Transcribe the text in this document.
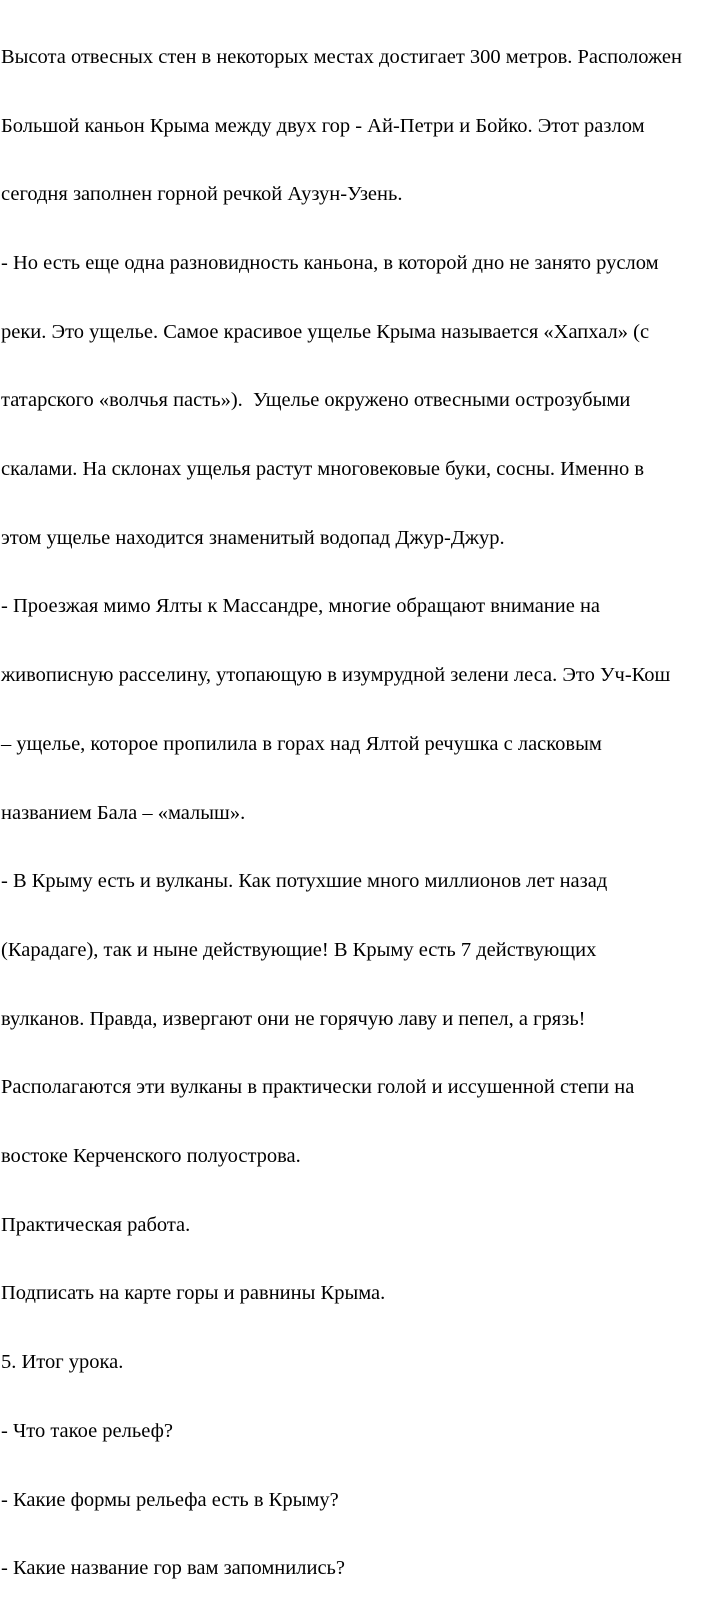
Высота отвесных стен в некоторых местах достигает 300 метров. Расположен

Большой каньон Крыма между двух гор - Ай-Петри и Бойко. Этот разлом

сегодня заполнен горной речкой Аузун-Узень.

- Но есть еще одна разновидность каньона, в которой дно не занято руслом

реки. Это ущелье. Самое красивое ущелье Крыма называется «Хапхал» (с

татарского «волчья пасть»).  Ущелье окружено отвесными острозубыми

скалами. На склонах ущелья растут многовековые буки, сосны. Именно в

этом ущелье находится знаменитый водопад Джур-Джур.

- Проезжая мимо Ялты к Массандре, многие обращают внимание на

живописную расселину, утопающую в изумрудной зелени леса. Это Уч-Кош

– ущелье, которое пропилила в горах над Ялтой речушка с ласковым

названием Бала – «малыш».

- В Крыму есть и вулканы. Как потухшие много миллионов лет назад

(Карадаге), так и ныне действующие! В Крыму есть 7 действующих

вулканов. Правда, извергают они не горячую лаву и пепел, а грязь!

Располагаются эти вулканы в практически голой и иссушенной степи на

востоке Керченского полуострова.

Практическая работа.

Подписать на карте горы и равнины Крыма.

5. Итог урока.

- Что такое рельеф?

- Какие формы рельефа есть в Крыму?

- Какие название гор вам запомнились?
